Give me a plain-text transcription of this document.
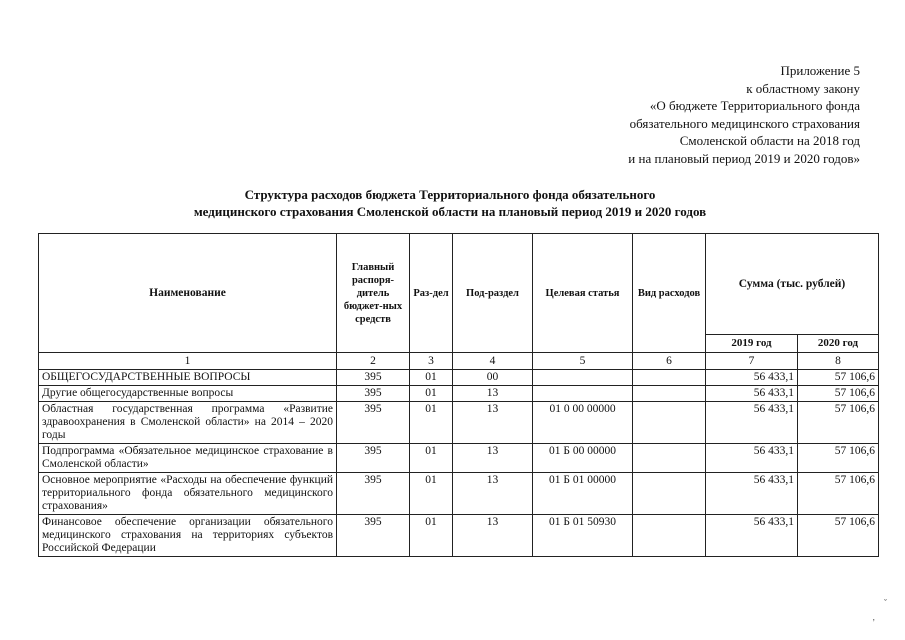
Приложение 5
к областному закону
«О бюджете Территориального фонда
обязательного медицинского страхования
Смоленской области на 2018 год
и на плановый период 2019 и 2020 годов»
Структура расходов бюджета Территориального фонда обязательного
медицинского страхования Смоленской области на плановый период 2019 и 2020 годов
Наименование	Главный распоря-дитель бюджет-ных средств	Раз-дел	Под-раздел	Целевая статья	Вид расходов	Сумма (тыс. рублей)	
						2019 год	2020 год
1	2	3	4	5	6	7	8
ОБЩЕГОСУДАРСТВЕННЫЕ ВОПРОСЫ	395	01	00			56 433,1	57 106,6
Другие общегосударственные вопросы	395	01	13			56 433,1	57 106,6
Областная государственная программа «Развитие здравоохранения в Смоленской области» на 2014 – 2020 годы	395	01	13	01 0 00 00000		56 433,1	57 106,6
Подпрограмма «Обязательное медицинское страхование в Смоленской области»	395	01	13	01 Б 00 00000		56 433,1	57 106,6
Основное мероприятие «Расходы на обеспечение функций территориального фонда обязательного медицинского страхования»	395	01	13	01 Б 01 00000		56 433,1	57 106,6
Финансовое обеспечение организации обязательного медицинского страхования на территориях субъектов Российской Федерации	395	01	13	01 Б 01 50930		56 433,1	57 106,6
ˇ
,
